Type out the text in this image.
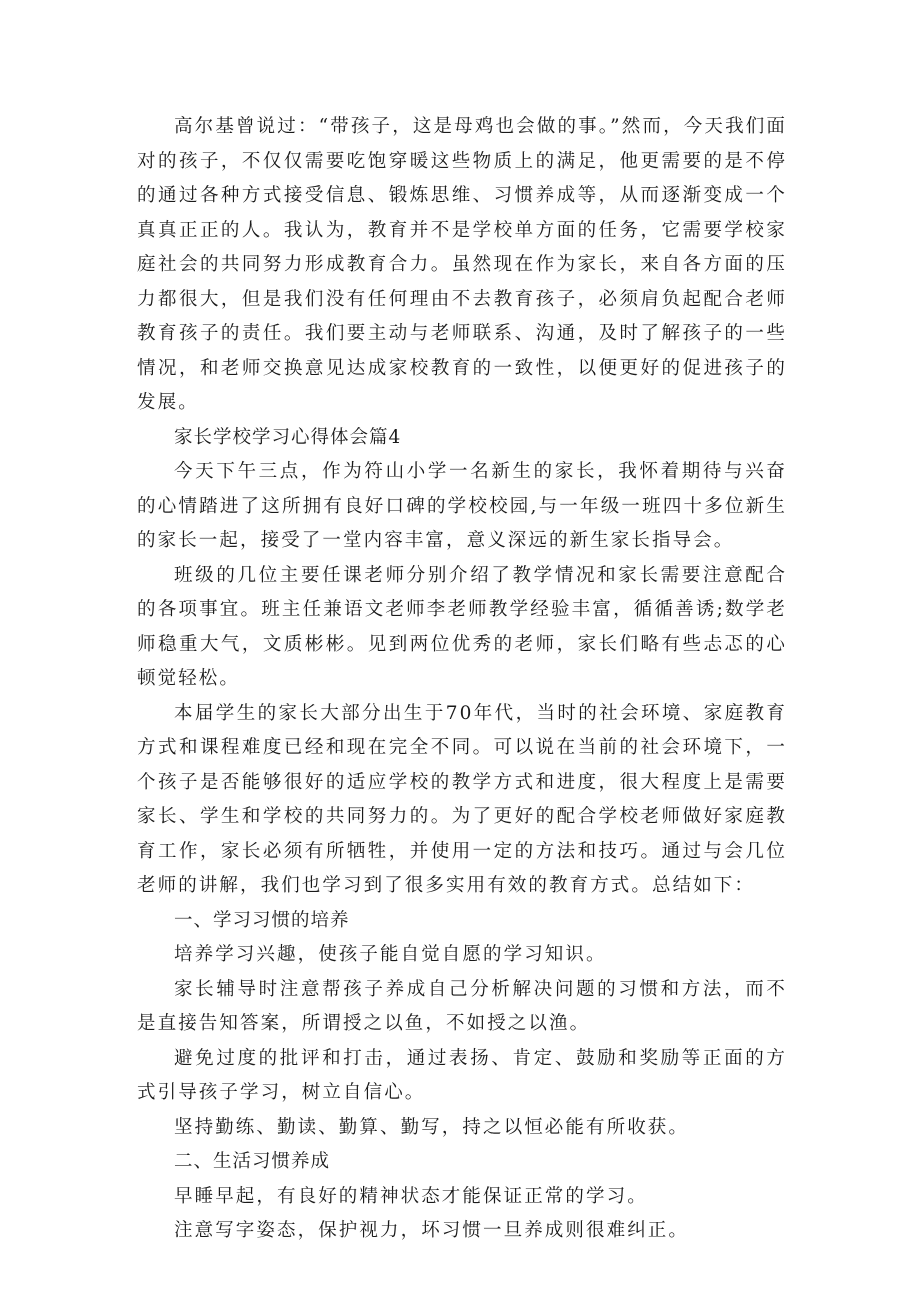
高尔基曾说过：“带孩子，这是母鸡也会做的事。”然而，今天我们面对的孩子，不仅仅需要吃饱穿暖这些物质上的满足，他更需要的是不停的通过各种方式接受信息、锻炼思维、习惯养成等，从而逐渐变成一个真真正正的人。我认为，教育并不是学校单方面的任务，它需要学校家庭社会的共同努力形成教育合力。虽然现在作为家长，来自各方面的压力都很大，但是我们没有任何理由不去教育孩子，必须肩负起配合老师教育孩子的责任。我们要主动与老师联系、沟通，及时了解孩子的一些情况，和老师交换意见达成家校教育的一致性，以便更好的促进孩子的发展。

家长学校学习心得体会篇4

今天下午三点，作为符山小学一名新生的家长，我怀着期待与兴奋的心情踏进了这所拥有良好口碑的学校校园,与一年级一班四十多位新生的家长一起，接受了一堂内容丰富，意义深远的新生家长指导会。

班级的几位主要任课老师分别介绍了教学情况和家长需要注意配合的各项事宜。班主任兼语文老师李老师教学经验丰富，循循善诱;数学老师稳重大气，文质彬彬。见到两位优秀的老师，家长们略有些忐忑的心顿觉轻松。

本届学生的家长大部分出生于70年代，当时的社会环境、家庭教育方式和课程难度已经和现在完全不同。可以说在当前的社会环境下，一个孩子是否能够很好的适应学校的教学方式和进度，很大程度上是需要家长、学生和学校的共同努力的。为了更好的配合学校老师做好家庭教育工作，家长必须有所牺牲，并使用一定的方法和技巧。通过与会几位老师的讲解，我们也学习到了很多实用有效的教育方式。总结如下：

一、学习习惯的培养

培养学习兴趣，使孩子能自觉自愿的学习知识。

家长辅导时注意帮孩子养成自己分析解决问题的习惯和方法，而不是直接告知答案，所谓授之以鱼，不如授之以渔。

避免过度的批评和打击，通过表扬、肯定、鼓励和奖励等正面的方式引导孩子学习，树立自信心。

坚持勤练、勤读、勤算、勤写，持之以恒必能有所收获。

二、生活习惯养成

早睡早起，有良好的精神状态才能保证正常的学习。

注意写字姿态，保护视力，坏习惯一旦养成则很难纠正。
